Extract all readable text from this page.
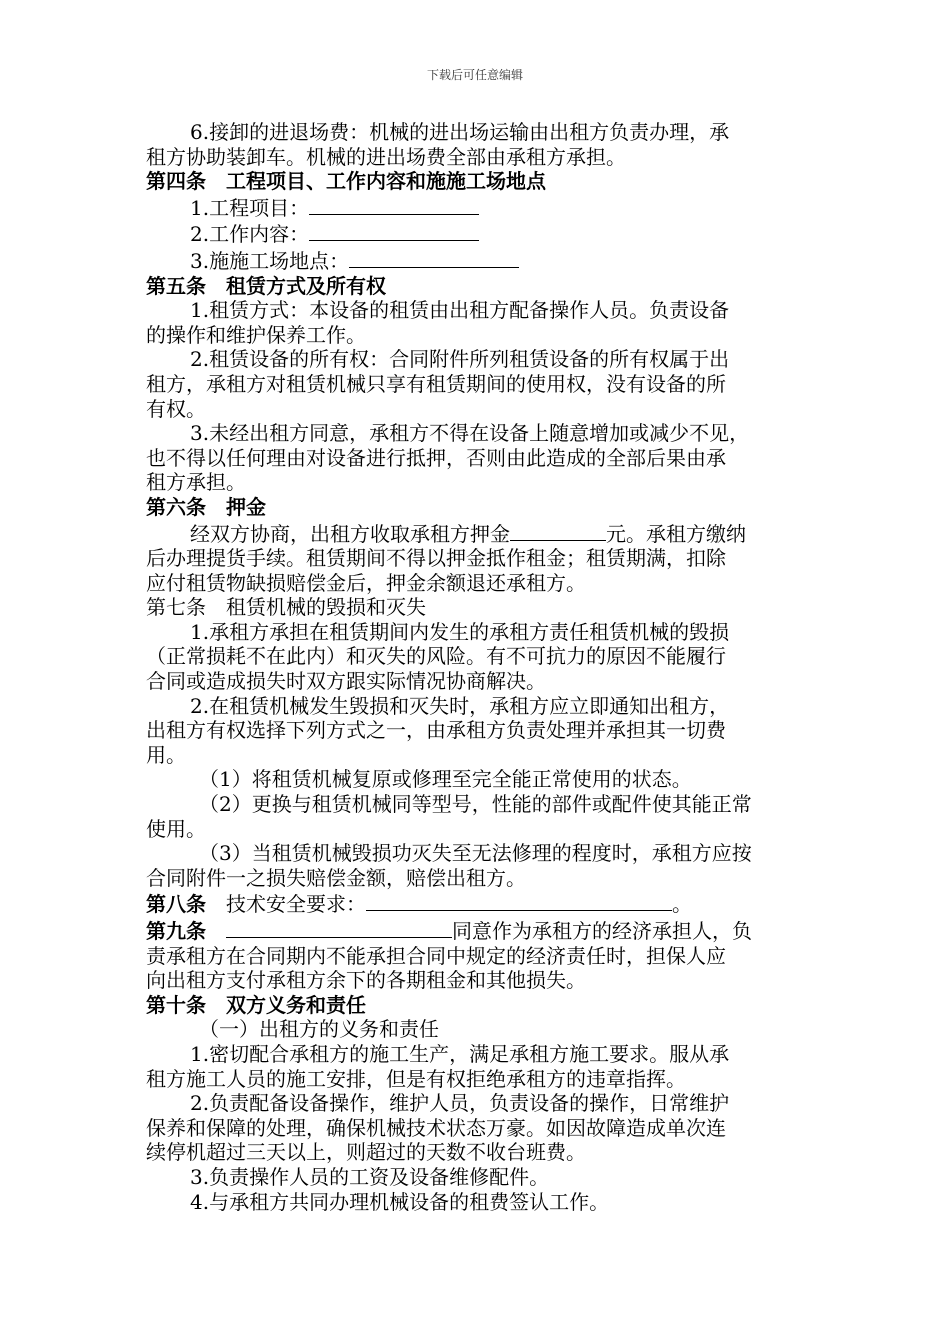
下载后可任意编辑
6.接卸的进退场费：机械的进出场运输由出租方负责办理，承
租方协助装卸车。机械的进出场费全部由承租方承担。
第四条　工程项目、工作内容和施施工场地点
1.工程项目：
2.工作内容：
3.施施工场地点：
第五条　租赁方式及所有权
1.租赁方式：本设备的租赁由出租方配备操作人员。负责设备
的操作和维护保养工作。
2.租赁设备的所有权：合同附件所列租赁设备的所有权属于出
租方，承租方对租赁机械只享有租赁期间的使用权，没有设备的所
有权。
3.未经出租方同意，承租方不得在设备上随意增加或减少不见，
也不得以任何理由对设备进行抵押，否则由此造成的全部后果由承
租方承担。
第六条　押金
经双方协商，出租方收取承租方押金	元。承租方缴纳
后办理提货手续。租赁期间不得以押金抵作租金；租赁期满，扣除
应付租赁物缺损赔偿金后，押金余额退还承租方。
第七条　租赁机械的毁损和灭失
1.承租方承担在租赁期间内发生的承租方责任租赁机械的毁损
（正常损耗不在此内）和灭失的风险。有不可抗力的原因不能履行
合同或造成损失时双方跟实际情况协商解决。
2.在租赁机械发生毁损和灭失时，承租方应立即通知出租方，
出租方有权选择下列方式之一，由承租方负责处理并承担其一切费
用。
（1）将租赁机械复原或修理至完全能正常使用的状态。
（2）更换与租赁机械同等型号，性能的部件或配件使其能正常
使用。
（3）当租赁机械毁损功灭失至无法修理的程度时，承租方应按
合同附件一之损失赔偿金额，赔偿出租方。
第八条　技术安全要求：	。
第九条　	同意作为承租方的经济承担人，负
责承租方在合同期内不能承担合同中规定的经济责任时，担保人应
向出租方支付承租方余下的各期租金和其他损失。
第十条　双方义务和责任
（一）出租方的义务和责任
1.密切配合承租方的施工生产，满足承租方施工要求。服从承
租方施工人员的施工安排，但是有权拒绝承租方的违章指挥。
2.负责配备设备操作，维护人员，负责设备的操作，日常维护
保养和保障的处理，确保机械技术状态万豪。如因故障造成单次连
续停机超过三天以上，则超过的天数不收台班费。
3.负责操作人员的工资及设备维修配件。
4.与承租方共同办理机械设备的租费签认工作。
